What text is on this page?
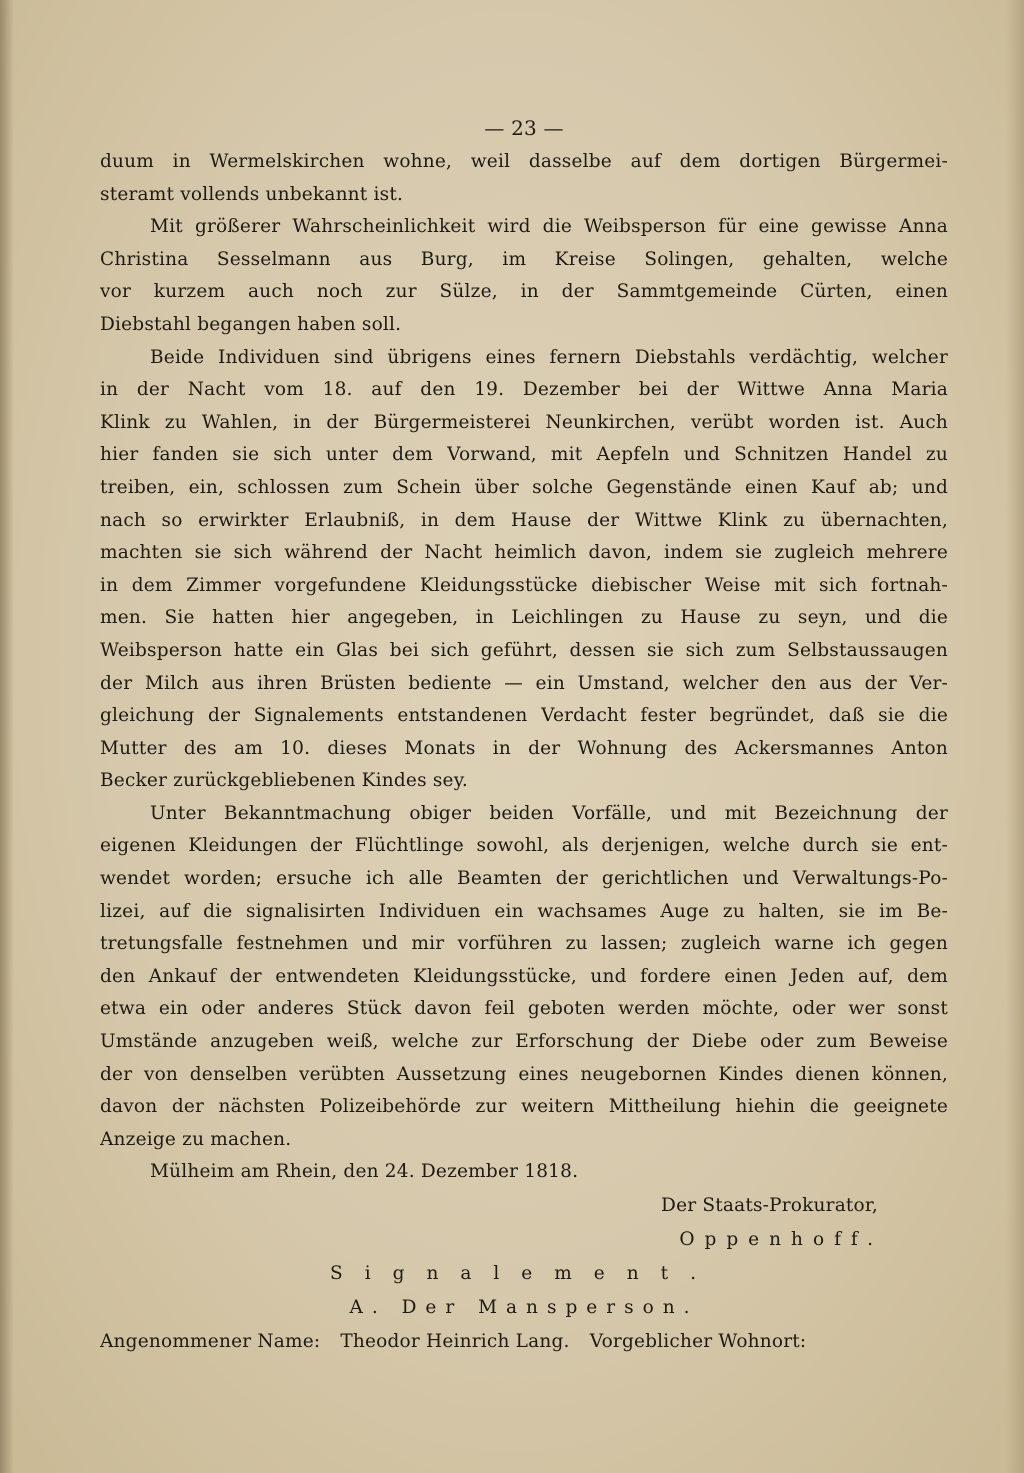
— 23 —
duum in Wermelskirchen wohne, weil dasselbe auf dem dortigen Bürgermei-
steramt vollends unbekannt ist.
Mit größerer Wahrscheinlichkeit wird die Weibsperson für eine gewisse Anna
Christina Sesselmann aus Burg, im Kreise Solingen, gehalten, welche
vor kurzem auch noch zur Sülze, in der Sammtgemeinde Cürten, einen
Diebstahl begangen haben soll.
Beide Individuen sind übrigens eines fernern Diebstahls verdächtig, welcher
in der Nacht vom 18. auf den 19. Dezember bei der Wittwe Anna Maria
Klink zu Wahlen, in der Bürgermeisterei Neunkirchen, verübt worden ist. Auch
hier fanden sie sich unter dem Vorwand, mit Aepfeln und Schnitzen Handel zu
treiben, ein, schlossen zum Schein über solche Gegenstände einen Kauf ab; und
nach so erwirkter Erlaubniß, in dem Hause der Wittwe Klink zu übernachten,
machten sie sich während der Nacht heimlich davon, indem sie zugleich mehrere
in dem Zimmer vorgefundene Kleidungsstücke diebischer Weise mit sich fortnah-
men. Sie hatten hier angegeben, in Leichlingen zu Hause zu seyn, und die
Weibsperson hatte ein Glas bei sich geführt, dessen sie sich zum Selbstaussaugen
der Milch aus ihren Brüsten bediente — ein Umstand, welcher den aus der Ver-
gleichung der Signalements entstandenen Verdacht fester begründet, daß sie die
Mutter des am 10. dieses Monats in der Wohnung des Ackersmannes Anton
Becker zurückgebliebenen Kindes sey.
Unter Bekanntmachung obiger beiden Vorfälle, und mit Bezeichnung der
eigenen Kleidungen der Flüchtlinge sowohl, als derjenigen, welche durch sie ent-
wendet worden; ersuche ich alle Beamten der gerichtlichen und Verwaltungs-Po-
lizei, auf die signalisirten Individuen ein wachsames Auge zu halten, sie im Be-
tretungsfalle festnehmen und mir vorführen zu lassen; zugleich warne ich gegen
den Ankauf der entwendeten Kleidungsstücke, und fordere einen Jeden auf, dem
etwa ein oder anderes Stück davon feil geboten werden möchte, oder wer sonst
Umstände anzugeben weiß, welche zur Erforschung der Diebe oder zum Beweise
der von denselben verübten Aussetzung eines neugebornen Kindes dienen können,
davon der nächsten Polizeibehörde zur weitern Mittheilung hiehin die geeignete
Anzeige zu machen.
Mülheim am Rhein, den 24. Dezember 1818.
Der Staats-Prokurator,
Oppenhoff.
Signalement.
A. Der Mansperson.
Angenommener Name: Theodor Heinrich Lang. Vorgeblicher Wohnort:
